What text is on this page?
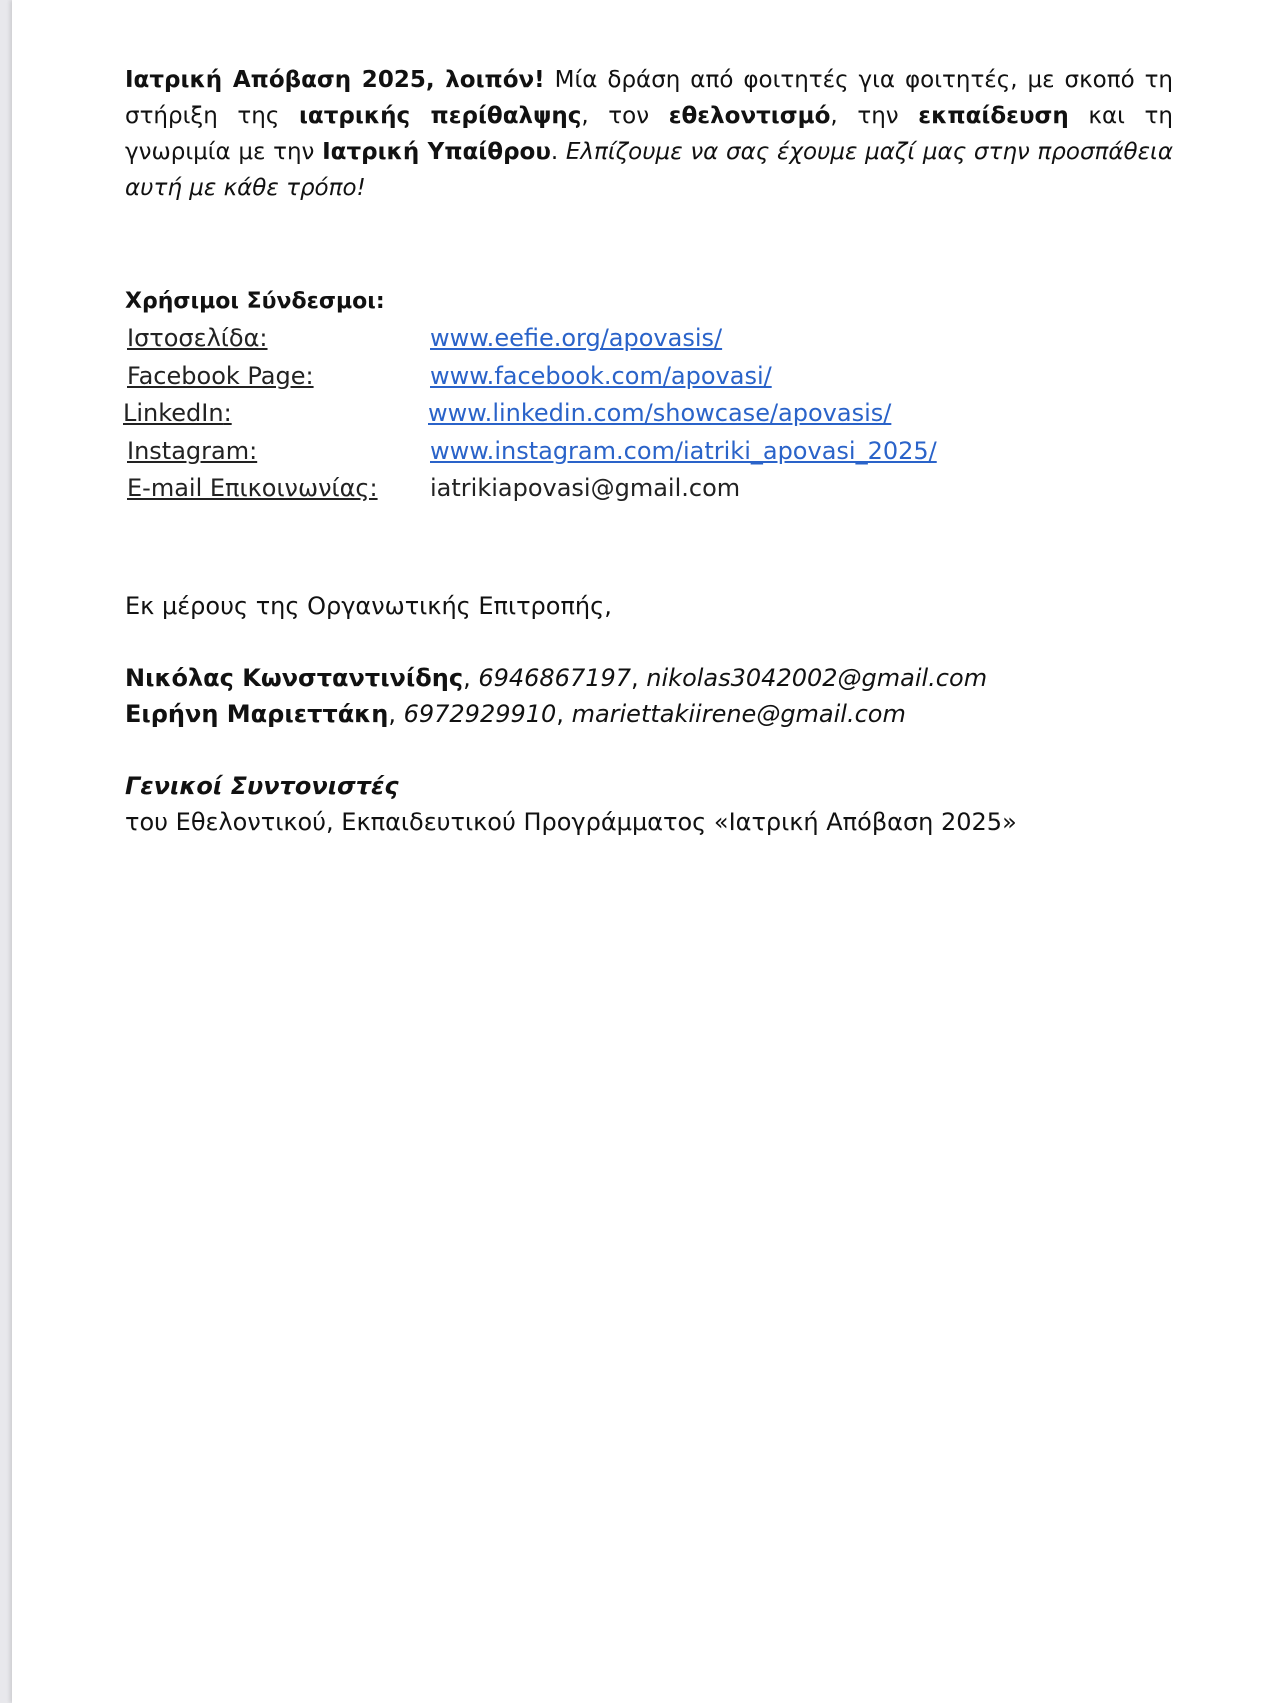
Ιατρική Απόβαση 2025, λοιπόν! Μία δράση από φοιτητές για φοιτητές, με σκοπό τη στήριξη της ιατρικής περίθαλψης, τον εθελοντισμό, την εκπαίδευση και τη γνωριμία με την Ιατρική Υπαίθρου. Ελπίζουμε να σας έχουμε μαζί μας στην προσπάθεια αυτή με κάθε τρόπο!

Χρήσιμοι Σύνδεσμοι:
Ιστοσελίδα:	www.eefie.org/apovasis/
Facebook Page:	www.facebook.com/apovasi/
LinkedIn:	www.linkedin.com/showcase/apovasis/
Instagram:	www.instagram.com/iatriki_apovasi_2025/
E-mail Επικοινωνίας:	iatrikiapovasi@gmail.com
Εκ μέρους της Οργανωτικής Επιτροπής,
Νικόλας Κωνσταντινίδης, 6946867197, nikolas3042002@gmail.com
Ειρήνη Μαριεττάκη, 6972929910, mariettakiirene@gmail.com
Γενικοί Συντονιστές
του Εθελοντικού, Εκπαιδευτικού Προγράμματος «Ιατρική Απόβαση 2025»
